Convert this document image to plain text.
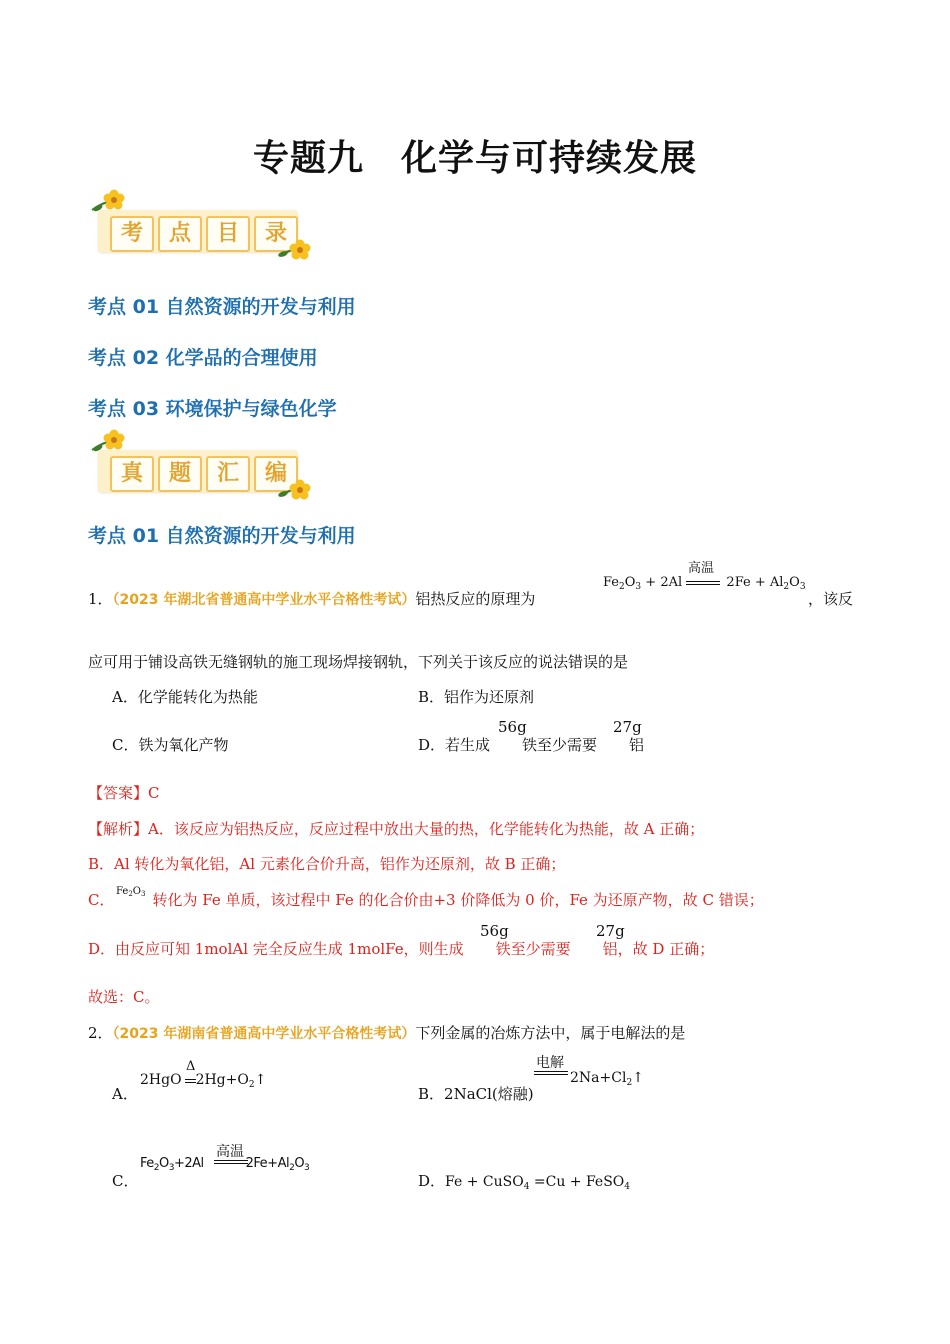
专题九　化学与可持续发展
考	点	目	录
考点 01 自然资源的开发与利用
考点 02 化学品的合理使用
考点 03 环境保护与绿色化学
真	题	汇	编
考点 01 自然资源的开发与利用
1．（2023 年湖北省普通高中学业水平合格性考试）铝热反应的原理为
$Fe_2O_3 + 2Al$	$2Fe + Al_2O_3$
高温
，该反
应可用于铺设高铁无缝钢轨的施工现场焊接钢轨，下列关于该反应的说法错误的是
A．化学能转化为热能	B．铝作为还原剂
C．铁为氧化产物	D．若生成 铁至少需要 铝
56g	27g
【答案】C
【解析】A．该反应为铝热反应，反应过程中放出大量的热，化学能转化为热能，故 A 正确；
B．Al 转化为氧化铝，Al 元素化合价升高，铝作为还原剂，故 B 正确；
C．	转化为 Fe 单质，该过程中 Fe 的化合价由+3 价降低为 0 价，Fe 为还原产物，故 C 错误；
$Fe_2O_3$
D．由反应可知 1molAl 完全反应生成 1molFe，则生成 铁至少需要 铝，故 D 正确；
56g	27g
故选：C。
2．（2023 年湖南省普通高中学业水平合格性考试）下列金属的冶炼方法中，属于电解法的是
A．
2HgO $2Hg+O_2↑$
Δ
B．2NaCl(熔融)
电解
$2Na+Cl_2↑$
C．
$Fe_2O_3+2Al$	$2Fe+Al_2O_3$
高温
D．Fe + CuSO$_4$ =Cu + FeSO$_4$
